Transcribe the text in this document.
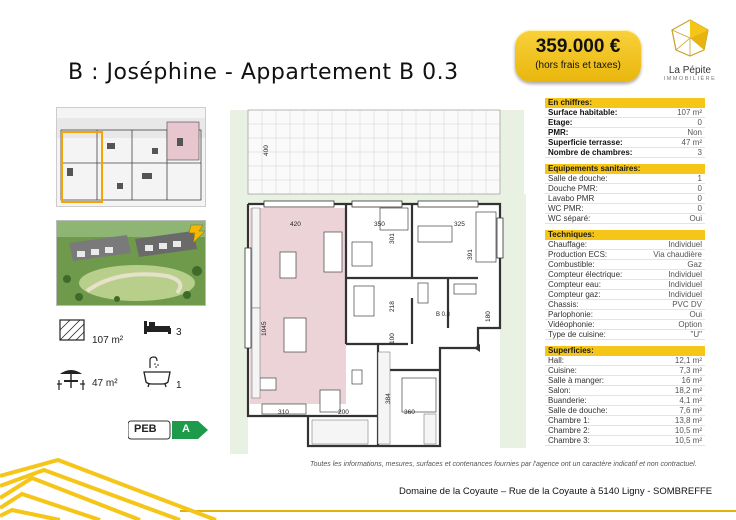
B : Joséphine - Appartement B 0.3
359.000 €
(hors frais et taxes)	La Pépite
IMMOBILIÈRE
107 m²
3
47 m²	1
PEB A
400
420	350	325
301
391
218
1045
100
180
384
310	200	360
B 0.3
En chiffres:
Surface habitable:	107 m²
Etage:	0
PMR:	Non
Superficie terrasse:	47 m²
Nombre de chambres:	3
Equipements sanitaires:
Salle de douche:	1
Douche PMR:	0
Lavabo PMR	0
WC PMR:	0
WC séparé:	Oui
Techniques:
Chauffage:	Individuel
Production ECS:	Via chaudière
Combustible:	Gaz
Compteur électrique:	Individuel
Compteur eau:	Individuel
Compteur gaz:	Individuel
Chassis:	PVC DV
Parlophonie:	Oui
Vidéophonie:	Option
Type de cuisine:	"U"
Superficies:
Hall:	12,1 m²
Cuisine:	7,3 m²
Salle à manger:	16 m²
Salon:	18,2 m²
Buanderie:	4,1 m²
Salle de douche:	7,6 m²
Chambre 1:	13,8 m²
Chambre 2:	10,5 m²
Chambre 3:	10,5 m²
Toutes les informations, mesures, surfaces et contenances fournies par l'agence ont un caractère indicatif et non contractuel.
Domaine de la Coyaute – Rue de la Coyaute à 5140 Ligny - SOMBREFFE
